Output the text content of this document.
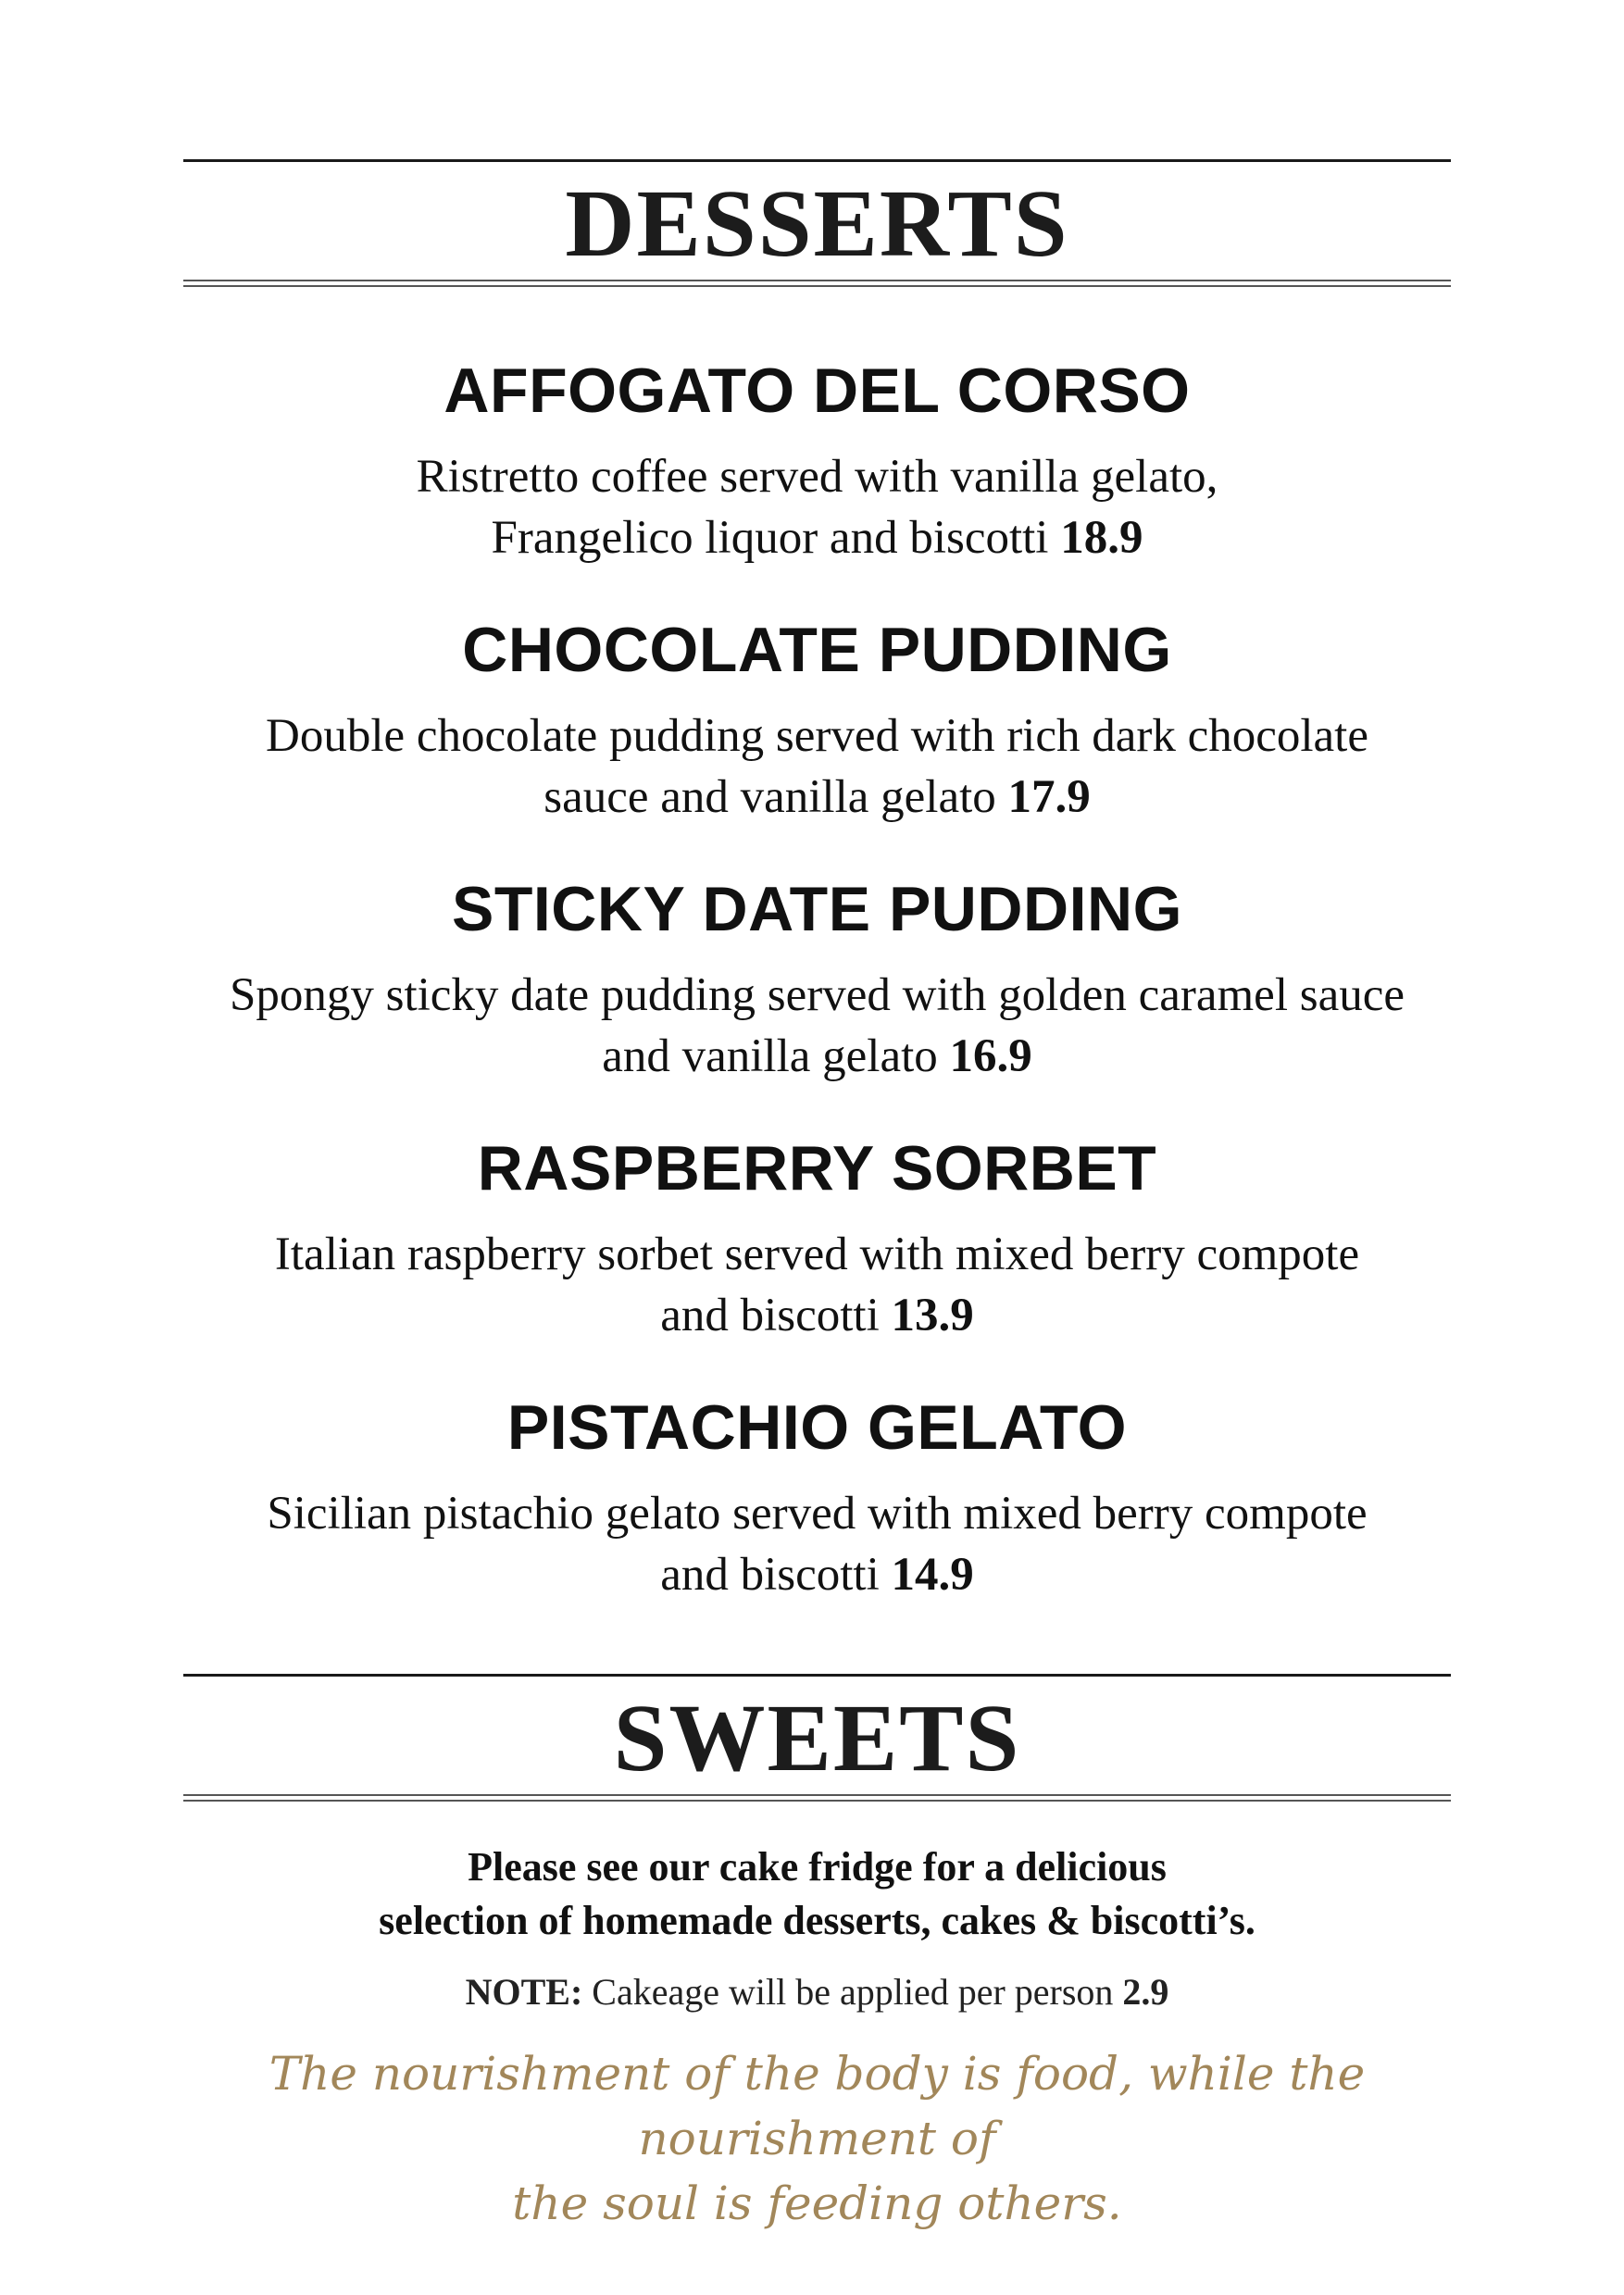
DESSERTS
AFFOGATO DEL CORSO

Ristretto coffee served with vanilla gelato,
Frangelico liquor and biscotti 18.9

CHOCOLATE PUDDING

Double chocolate pudding served with rich dark chocolate
sauce and vanilla gelato 17.9

STICKY DATE PUDDING

Spongy sticky date pudding served with golden caramel sauce
and vanilla gelato 16.9

RASPBERRY SORBET

Italian raspberry sorbet served with mixed berry compote
and biscotti 13.9

PISTACHIO GELATO

Sicilian pistachio gelato served with mixed berry compote
and biscotti 14.9

SWEETS

Please see our cake fridge for a delicious
selection of homemade desserts, cakes & biscotti’s.

NOTE: Cakeage will be applied per person 2.9

The nourishment of the body is food, while the nourishment of
the soul is feeding others.
